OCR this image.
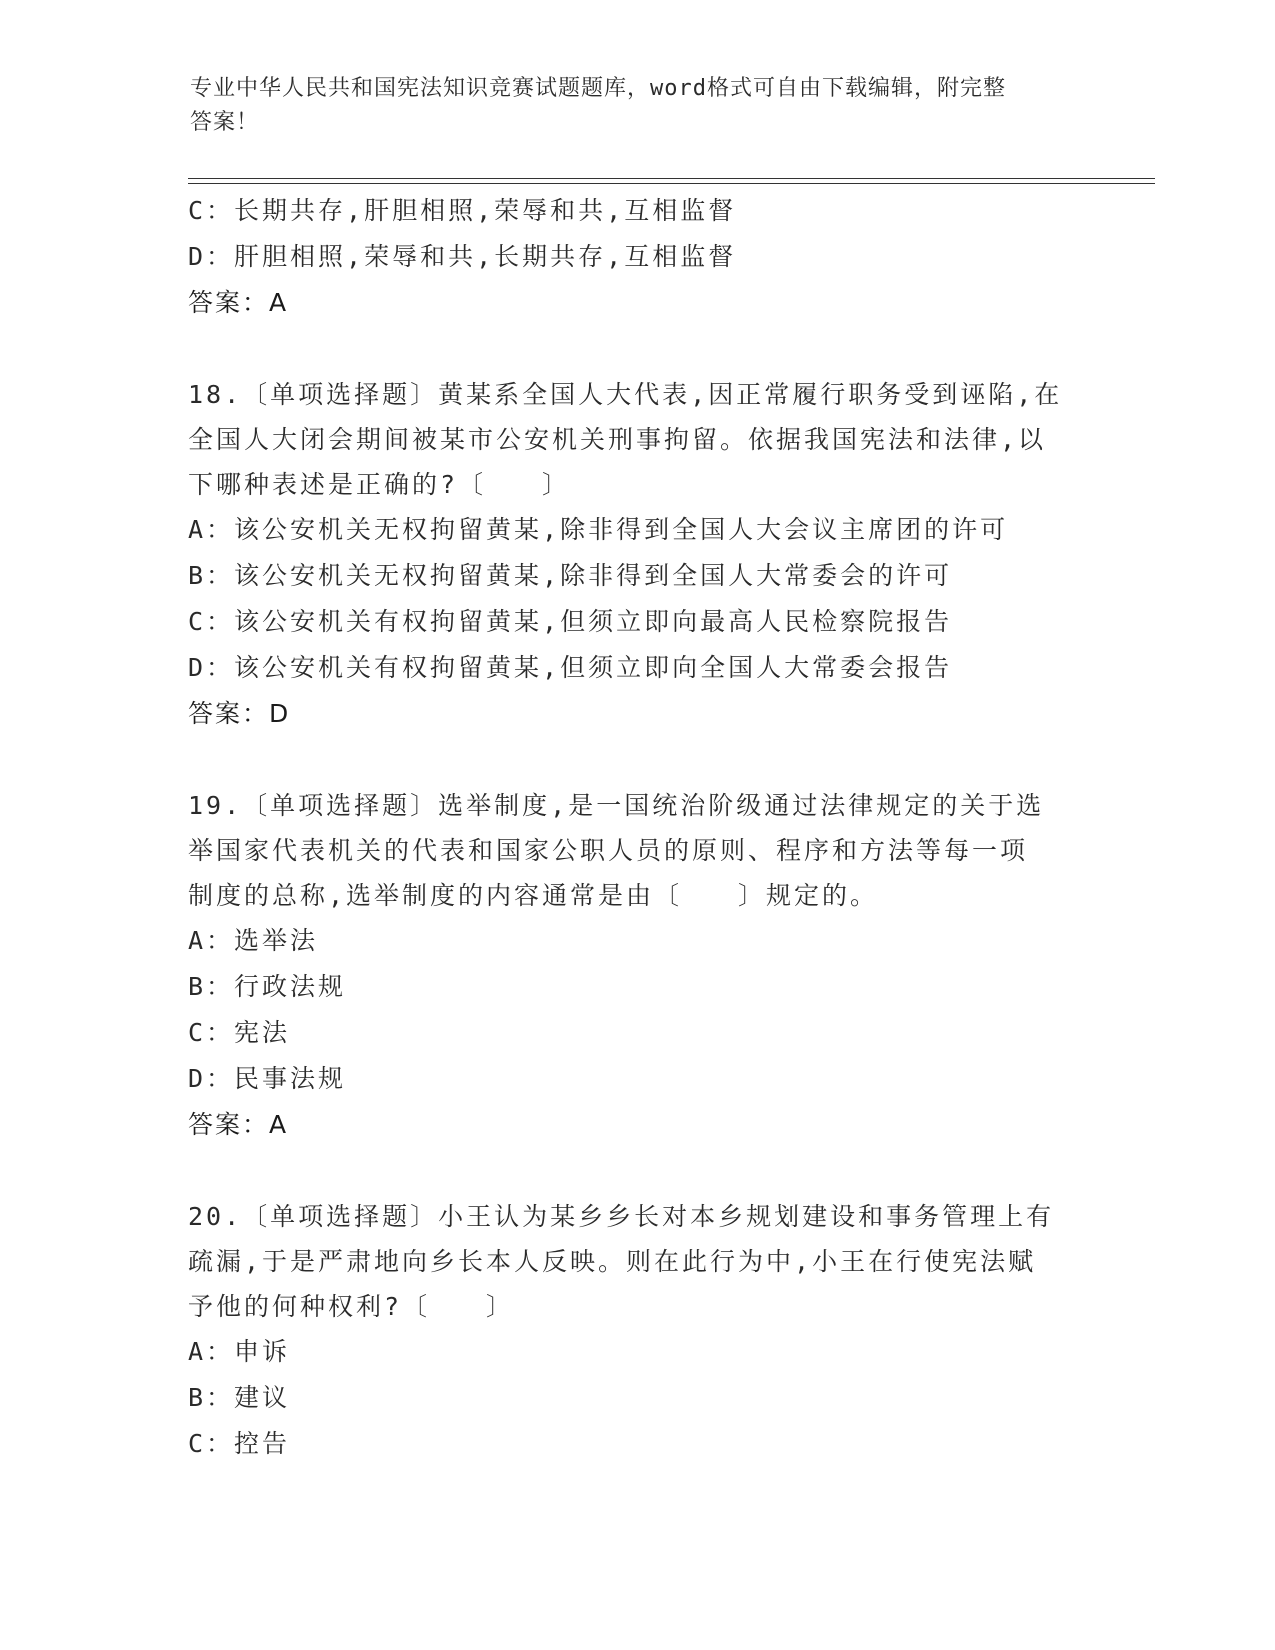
专业中华人民共和国宪法知识竞赛试题题库，word格式可自由下载编辑，附完整
答案！
C：长期共存,肝胆相照,荣辱和共,互相监督
D：肝胆相照,荣辱和共,长期共存,互相监督
答案：A
18.〔单项选择题〕黄某系全国人大代表,因正常履行职务受到诬陷,在
全国人大闭会期间被某市公安机关刑事拘留。依据我国宪法和法律,以
下哪种表述是正确的?〔　　〕
A：该公安机关无权拘留黄某,除非得到全国人大会议主席团的许可
B：该公安机关无权拘留黄某,除非得到全国人大常委会的许可
C：该公安机关有权拘留黄某,但须立即向最高人民检察院报告
D：该公安机关有权拘留黄某,但须立即向全国人大常委会报告
答案：D
19.〔单项选择题〕选举制度,是一国统治阶级通过法律规定的关于选
举国家代表机关的代表和国家公职人员的原则、程序和方法等每一项
制度的总称,选举制度的内容通常是由〔　　〕规定的。
A：选举法
B：行政法规
C：宪法
D：民事法规
答案：A
20.〔单项选择题〕小王认为某乡乡长对本乡规划建设和事务管理上有
疏漏,于是严肃地向乡长本人反映。则在此行为中,小王在行使宪法赋
予他的何种权利?〔　　〕
A：申诉
B：建议
C：控告
